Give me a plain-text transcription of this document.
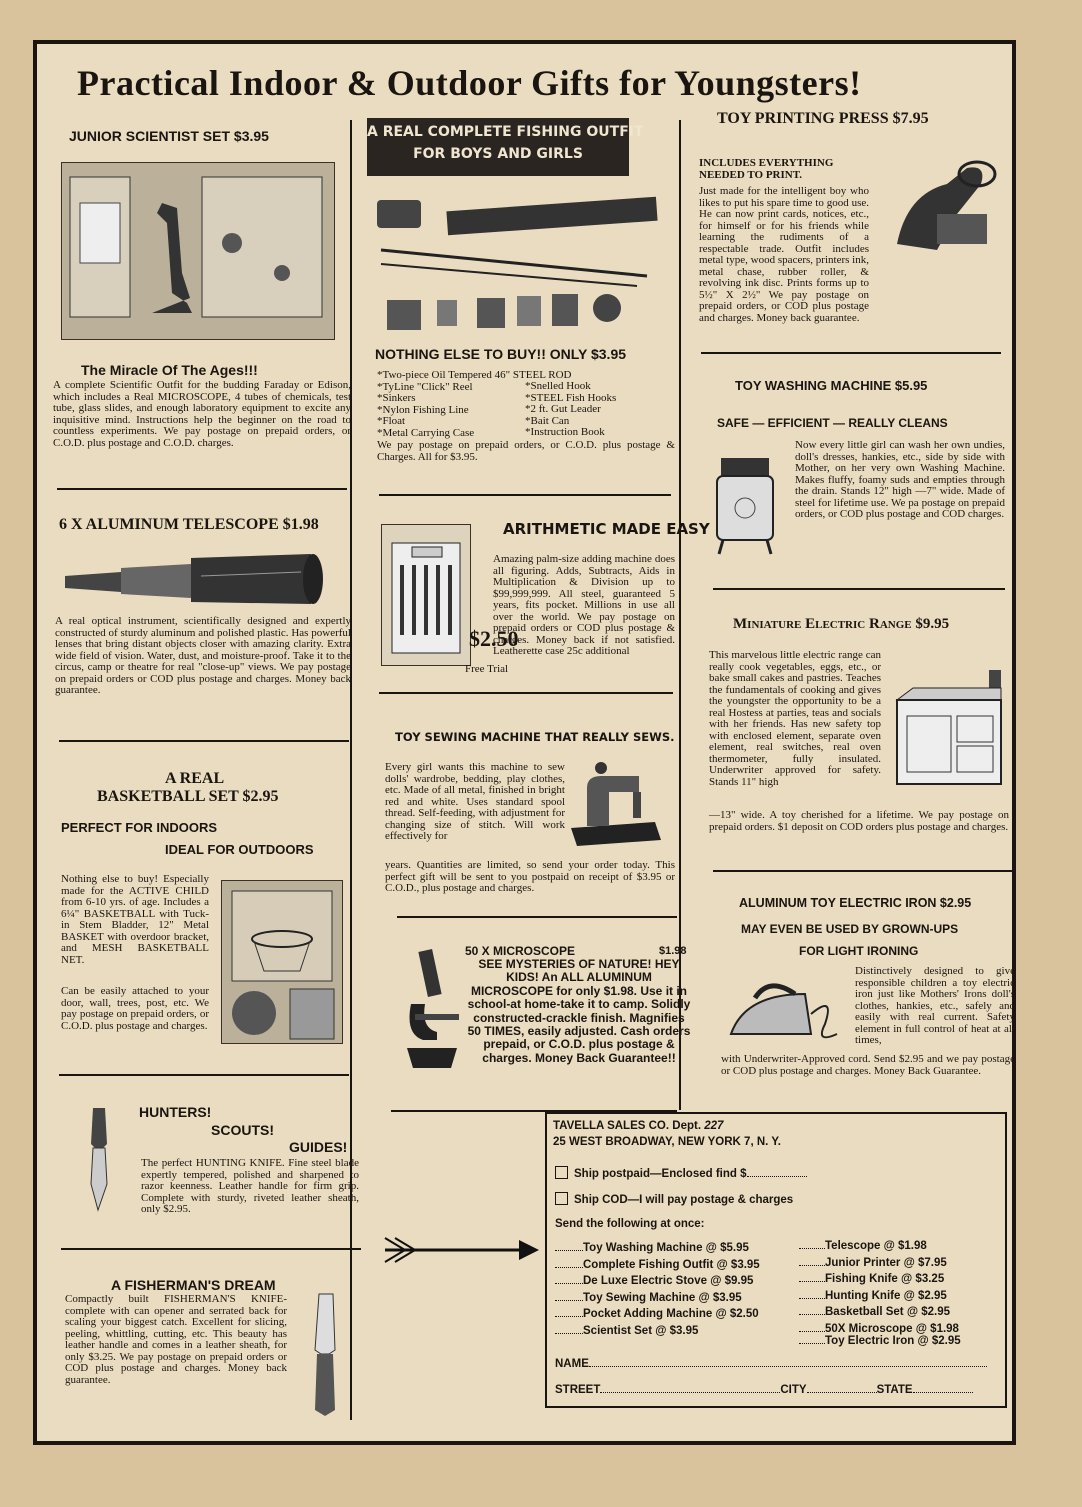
Practical Indoor & Outdoor Gifts for Youngsters!
JUNIOR SCIENTIST SET $3.95
The Miracle Of The Ages!!!
A complete Scientific Outfit for the budding Faraday or Edison, which includes a Real MICROSCOPE, 4 tubes of chemicals, test tube, glass slides, and enough laboratory equipment to excite any inquisitive mind. Instructions help the beginner on the road to countless experiments. We pay postage on prepaid orders, or C.O.D. plus postage and C.O.D. charges.
6 X ALUMINUM TELESCOPE $1.98
A real optical instrument, scientifically designed and expertly constructed of sturdy aluminum and polished plastic. Has powerful lenses that bring distant objects closer with amazing clarity. Extra wide field of vision. Water, dust, and moisture-proof. Take it to the circus, camp or theatre for real "close-up" views. We pay postage on prepaid orders or COD plus postage and charges. Money back guarantee.
A REAL
BASKETBALL SET $2.95
PERFECT FOR INDOORS
IDEAL FOR OUTDOORS
Nothing else to buy! Especially made for the ACTIVE CHILD from 6-10 yrs. of age. Includes a 6¼" BASKETBALL with Tuck-in Stem Bladder, 12" Metal BASKET with overdoor bracket, and MESH BASKETBALL NET.
Can be easily attached to your door, wall, trees, post, etc. We pay postage on prepaid orders, or C.O.D. plus postage and charges.
HUNTERS!
SCOUTS!
GUIDES!
The perfect HUNTING KNIFE. Fine steel blade expertly tempered, polished and sharpened to razor keenness. Leather handle for firm grip. Complete with sturdy, riveted leather sheath, only $2.95.
A FISHERMAN'S DREAM
Compactly built FISHERMAN'S KNIFE-complete with can opener and serrated back for scaling your biggest catch. Excellent for slicing, peeling, whittling, cutting, etc. This beauty has leather handle and comes in a leather sheath, for only $3.25. We pay postage on prepaid orders or COD plus postage and charges. Money back guarantee.
A REAL COMPLETE FISHING OUTFIT
FOR BOYS AND GIRLS
NOTHING ELSE TO BUY!! ONLY $3.95
*Two-piece Oil Tempered 46" STEEL ROD
*TyLine "Click" Reel
*Sinkers
*Nylon Fishing Line
*Float
*Metal Carrying Case
*Snelled Hook
*STEEL Fish Hooks
*2 ft. Gut Leader
*Bait Can
*Instruction Book
We pay postage on prepaid orders, or C.O.D. plus postage & Charges. All for $3.95.
ARITHMETIC MADE EASY
Amazing palm-size adding machine does all figuring. Adds, Subtracts, Aids in Multiplication & Division up to $99,999,999. All steel, guaranteed 5 years, fits pocket. Millions in use all over the world. We pay postage on prepaid orders or COD plus postage & charges. Money back if not satisfied. Leatherette case 25c additional
$2.50
Free Trial
TOY SEWING MACHINE THAT REALLY SEWS.
Every girl wants this machine to sew dolls' wardrobe, bedding, play clothes, etc. Made of all metal, finished in bright red and white. Uses standard spool thread. Self-feeding, with adjustment for changing size of stitch. Will work effectively for
years. Quantities are limited, so send your order today. This perfect gift will be sent to you postpaid on receipt of $3.95 or C.O.D., plus postage and charges.
50 X MICROSCOPE	$1.98
SEE MYSTERIES OF NATURE! HEY KIDS! An ALL ALUMINUM MICROSCOPE for only $1.98. Use it in school-at home-take it to camp. Solidly constructed-crackle finish. Magnifies 50 TIMES, easily adjusted. Cash orders prepaid, or C.O.D. plus postage & charges. Money Back Guarantee!!
TOY PRINTING PRESS $7.95
INCLUDES EVERYTHING NEEDED TO PRINT.
Just made for the intelligent boy who likes to put his spare time to good use. He can now print cards, notices, etc., for himself or for his friends while learning the rudiments of a respectable trade. Outfit includes metal type, wood spacers, printers ink, metal chase, rubber roller, & revolving ink disc. Prints forms up to 5½" X 2½" We pay postage on prepaid orders, or COD plus postage and charges. Money back guarantee.
TOY WASHING MACHINE $5.95
SAFE — EFFICIENT — REALLY CLEANS
Now every little girl can wash her own undies, doll's dresses, hankies, etc., side by side with Mother, on her very own Washing Machine. Makes fluffy, foamy suds and empties through the drain. Stands 12" high —7" wide. Made of steel for lifetime use. We pa postage on prepaid orders, or COD plus postage and COD charges.
Miniature Electric Range $9.95
This marvelous little electric range can really cook vegetables, eggs, etc., or bake small cakes and pastries. Teaches the fundamentals of cooking and gives the youngster the opportunity to be a real Hostess at parties, teas and socials with her friends. Has new safety top with enclosed element, separate oven element, real switches, real oven thermometer, fully insulated. Underwriter approved for safety. Stands 11" high
—13" wide. A toy cherished for a lifetime. We pay postage on prepaid orders. $1 deposit on COD orders plus postage and charges.
ALUMINUM TOY ELECTRIC IRON $2.95
MAY EVEN BE USED BY GROWN-UPS
FOR LIGHT IRONING
Distinctively designed to give responsible children a toy electric iron just like Mothers' Irons doll's clothes, hankies, etc., safely and easily with real current. Safety element in full control of heat at all times,
with Underwriter-Approved cord. Send $2.95 and we pay postage or COD plus postage and charges. Money Back Guarantee.
TAVELLA SALES CO. Dept. 227
25 WEST BROADWAY, NEW YORK 7, N. Y.
Ship postpaid—Enclosed find $
Ship COD—I will pay postage & charges
Send the following at once:
Toy Washing Machine @ $5.95
Complete Fishing Outfit @ $3.95
De Luxe Electric Stove @ $9.95
Toy Sewing Machine @ $3.95
Pocket Adding Machine @ $2.50
Scientist Set @ $3.95
Telescope @ $1.98
Junior Printer @ $7.95
Fishing Knife @ $3.25
Hunting Knife @ $2.95
Basketball Set @ $2.95
50X Microscope @ $1.98
Toy Electric Iron @ $2.95
NAME
STREET	CITY	STATE
